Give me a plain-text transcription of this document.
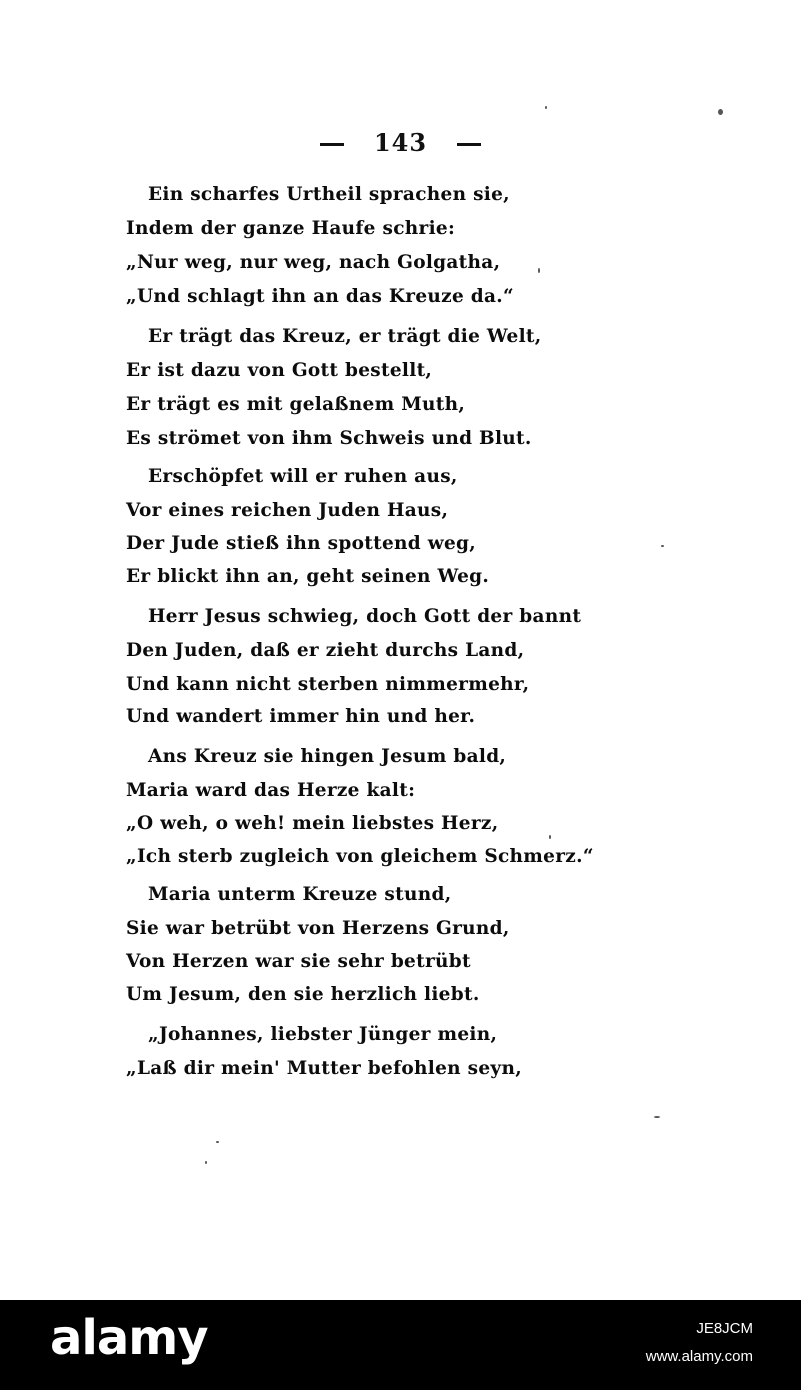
143
Ein scharfes Urtheil sprachen sie,
Indem der ganze Haufe schrie:
„Nur weg, nur weg, nach Golgatha,
„Und schlagt ihn an das Kreuze da.“
Er trägt das Kreuz, er trägt die Welt,
Er ist dazu von Gott bestellt,
Er trägt es mit gelaßnem Muth,
Es strömet von ihm Schweis und Blut.
Erschöpfet will er ruhen aus,
Vor eines reichen Juden Haus,
Der Jude stieß ihn spottend weg,
Er blickt ihn an, geht seinen Weg.
Herr Jesus schwieg, doch Gott der bannt
Den Juden, daß er zieht durchs Land,
Und kann nicht sterben nimmermehr,
Und wandert immer hin und her.
Ans Kreuz sie hingen Jesum bald,
Maria ward das Herze kalt:
„O weh, o weh! mein liebstes Herz,
„Ich sterb zugleich von gleichem Schmerz.“
Maria unterm Kreuze stund,
Sie war betrübt von Herzens Grund,
Von Herzen war sie sehr betrübt
Um Jesum, den sie herzlich liebt.
„Johannes, liebster Jünger mein,
„Laß dir mein' Mutter befohlen seyn,
alamy	JE8JCM
www.alamy.com
